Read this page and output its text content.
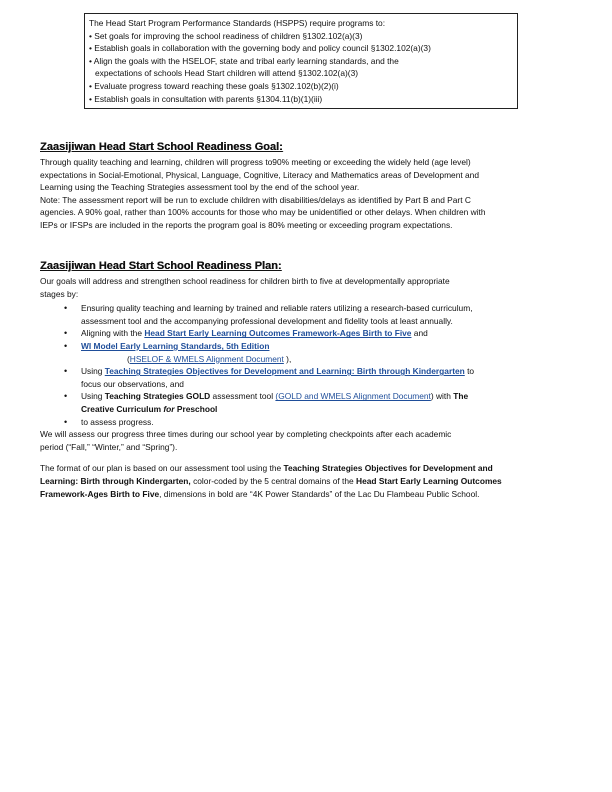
The Head Start Program Performance Standards (HSPPS) require programs to:
• Set goals for improving the school readiness of children §1302.102(a)(3)
• Establish goals in collaboration with the governing body and policy council §1302.102(a)(3)
• Align the goals with the HSELOF, state and tribal early learning standards, and the
expectations of schools Head Start children will attend §1302.102(a)(3)
• Evaluate progress toward reaching these goals §1302.102(b)(2)(i)
• Establish goals in consultation with parents §1304.11(b)(1)(iii)
Zaasijiwan Head Start School Readiness Goal:

Through quality teaching and learning, children will progress to90% meeting or exceeding the widely held (age level)
expectations in Social-Emotional, Physical, Language, Cognitive, Literacy and Mathematics areas of Development and
Learning using the Teaching Strategies assessment tool by the end of the school year.
Note: The assessment report will be run to exclude children with disabilities/delays as identified by Part B and Part C
agencies. A 90% goal, rather than 100% accounts for those who may be unidentified or other delays. When children with
IEPs or IFSPs are included in the reports the program goal is 80% meeting or exceeding program expectations.

Zaasijiwan Head Start School Readiness Plan:

Our goals will address and strengthen school readiness for children birth to five at developmentally appropriate
stages by:

• Ensuring quality teaching and learning by trained and reliable raters utilizing a research-based curriculum,
assessment tool and the accompanying professional development and fidelity tools at least annually.
• Aligning with the Head Start Early Learning Outcomes Framework-Ages Birth to Five and
• WI Model Early Learning Standards, 5th Edition
(HSELOF & WMELS Alignment Document ),
• Using Teaching Strategies Objectives for Development and Learning: Birth through Kindergarten to
focus our observations, and
• Using Teaching Strategies GOLD assessment tool (GOLD and WMELS Alignment Document) with The
Creative Curriculum for Preschool
• to assess progress.

We will assess our progress three times during our school year by completing checkpoints after each academic
period (“Fall,” “Winter,” and “Spring”).

The format of our plan is based on our assessment tool using the Teaching Strategies Objectives for Development and
Learning: Birth through Kindergarten, color-coded by the 5 central domains of the Head Start Early Learning Outcomes
Framework-Ages Birth to Five, dimensions in bold are “4K Power Standards” of the Lac Du Flambeau Public School.
